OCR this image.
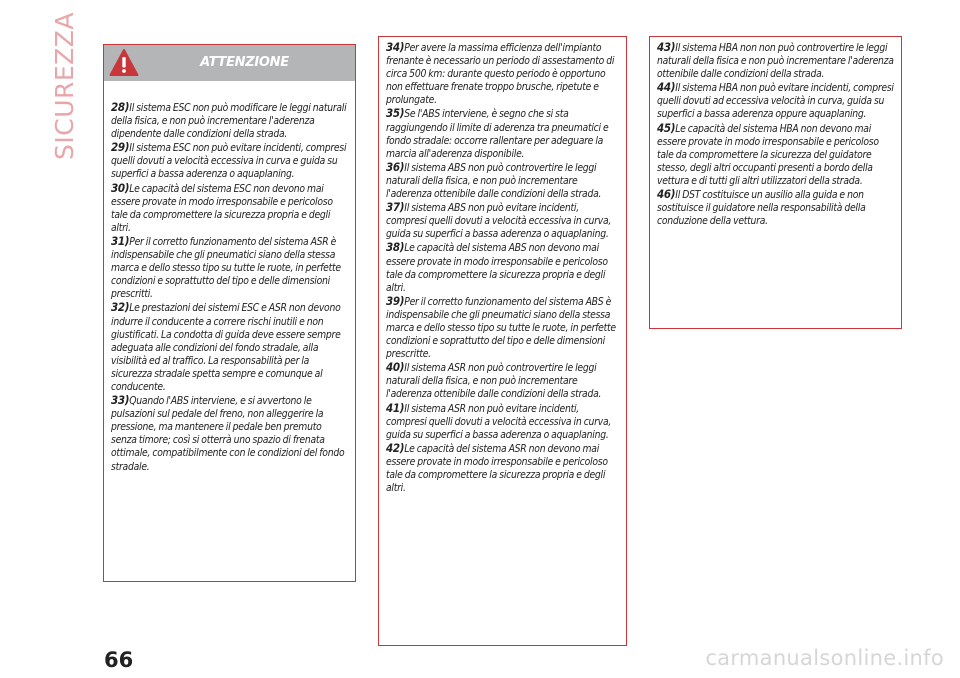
SICUREZZA	ATTENZIONE

28)Il sistema ESC non può modificare le leggi naturali della fisica, e non può incrementare l'aderenza dipendente dalle condizioni della strada.

29)Il sistema ESC non può evitare incidenti, compresi quelli dovuti a velocità eccessiva in curva e guida su superfici a bassa aderenza o aquaplaning.

30)Le capacità del sistema ESC non devono mai essere provate in modo irresponsabile e pericoloso tale da compromettere la sicurezza propria e degli altri.

31)Per il corretto funzionamento del sistema ASR è indispensabile che gli pneumatici siano della stessa marca e dello stesso tipo su tutte le ruote, in perfette condizioni e soprattutto del tipo e delle dimensioni prescritti.

32)Le prestazioni dei sistemi ESC e ASR non devono indurre il conducente a correre rischi inutili e non giustificati. La condotta di guida deve essere sempre adeguata alle condizioni del fondo stradale, alla visibilità ed al traffico. La responsabilità per la sicurezza stradale spetta sempre e comunque al conducente.

33)Quando l'ABS interviene, e si avvertono le pulsazioni sul pedale del freno, non alleggerire la pressione, ma mantenere il pedale ben premuto senza timore; così si otterrà uno spazio di frenata ottimale, compatibilmente con le condizioni del fondo stradale.

34)Per avere la massima efficienza dell'impianto frenante è necessario un periodo di assestamento di circa 500 km: durante questo periodo è opportuno non effettuare frenate troppo brusche, ripetute e prolungate.

35)Se l'ABS interviene, è segno che si sta raggiungendo il limite di aderenza tra pneumatici e fondo stradale: occorre rallentare per adeguare la marcia all'aderenza disponibile.

36)Il sistema ABS non può controvertire le leggi naturali della fisica, e non può incrementare l'aderenza ottenibile dalle condizioni della strada.

37)Il sistema ABS non può evitare incidenti, compresi quelli dovuti a velocità eccessiva in curva, guida su superfici a bassa aderenza o aquaplaning.

38)Le capacità del sistema ABS non devono mai essere provate in modo irresponsabile e pericoloso tale da compromettere la sicurezza propria e degli altri.

39)Per il corretto funzionamento del sistema ABS è indispensabile che gli pneumatici siano della stessa marca e dello stesso tipo su tutte le ruote, in perfette condizioni e soprattutto del tipo e delle dimensioni prescritte.

40)Il sistema ASR non può controvertire le leggi naturali della fisica, e non può incrementare l'aderenza ottenibile dalle condizioni della strada.

41)Il sistema ASR non può evitare incidenti, compresi quelli dovuti a velocità eccessiva in curva, guida su superfici a bassa aderenza o aquaplaning.

42)Le capacità del sistema ASR non devono mai essere provate in modo irresponsabile e pericoloso tale da compromettere la sicurezza propria e degli altri.

43)Il sistema HBA non non può controvertire le leggi naturali della fisica e non può incrementare l'aderenza ottenibile dalle condizioni della strada.

44)Il sistema HBA non può evitare incidenti, compresi quelli dovuti ad eccessiva velocità in curva, guida su superfici a bassa aderenza oppure aquaplaning.

45)Le capacità del sistema HBA non devono mai essere provate in modo irresponsabile e pericoloso tale da compromettere la sicurezza del guidatore stesso, degli altri occupanti presenti a bordo della vettura e di tutti gli altri utilizzatori della strada.

46)Il DST costituisce un ausilio alla guida e non sostituisce il guidatore nella responsabilità della conduzione della vettura.

66	carmanualsonline.info
